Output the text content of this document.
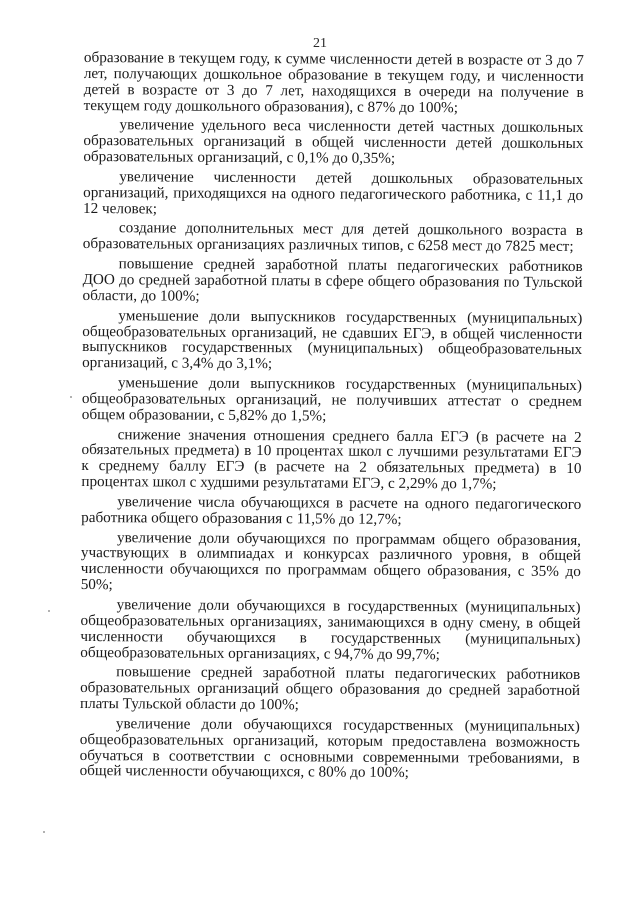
21

образование в текущем году, к сумме численности детей в возрасте от 3 до 7 лет, получающих дошкольное образование в текущем году, и численности детей в возрасте от 3 до 7 лет, находящихся в очереди на получение в текущем году дошкольного образования), с 87% до 100%;

увеличение удельного веса численности детей частных дошкольных образовательных организаций в общей численности детей дошкольных образовательных организаций, с 0,1% до 0,35%;

увеличение численности детей дошкольных образовательных организаций, приходящихся на одного педагогического работника, с 11,1 до 12 человек;

создание дополнительных мест для детей дошкольного возраста в образовательных организациях различных типов, с 6258 мест до 7825 мест;

повышение средней заработной платы педагогических работников ДОО до средней заработной платы в сфере общего образования по Тульской области, до 100%;

уменьшение доли выпускников государственных (муниципальных) общеобразовательных организаций, не сдавших ЕГЭ, в общей численности выпускников государственных (муниципальных) общеобразовательных организаций, с 3,4% до 3,1%;

уменьшение доли выпускников государственных (муниципальных) общеобразовательных организаций, не получивших аттестат о среднем общем образовании, с 5,82% до 1,5%;

снижение значения отношения среднего балла ЕГЭ (в расчете на 2 обязательных предмета) в 10 процентах школ с лучшими результатами ЕГЭ к среднему баллу ЕГЭ (в расчете на 2 обязательных предмета) в 10 процентах школ с худшими результатами ЕГЭ, с 2,29% до 1,7%;

увеличение числа обучающихся в расчете на одного педагогического работника общего образования с 11,5% до 12,7%;

увеличение доли обучающихся по программам общего образования, участвующих в олимпиадах и конкурсах различного уровня, в общей численности обучающихся по программам общего образования, с 35% до 50%;

увеличение доли обучающихся в государственных (муниципальных) общеобразовательных организациях, занимающихся в одну смену, в общей численности обучающихся в государственных (муниципальных) общеобразовательных организациях, с 94,7% до 99,7%;

повышение средней заработной платы педагогических работников образовательных организаций общего образования до средней заработной платы Тульской области до 100%;

увеличение доли обучающихся государственных (муниципальных) общеобразовательных организаций, которым предоставлена возможность обучаться в соответствии с основными современными требованиями, в общей численности обучающихся, с 80% до 100%;
